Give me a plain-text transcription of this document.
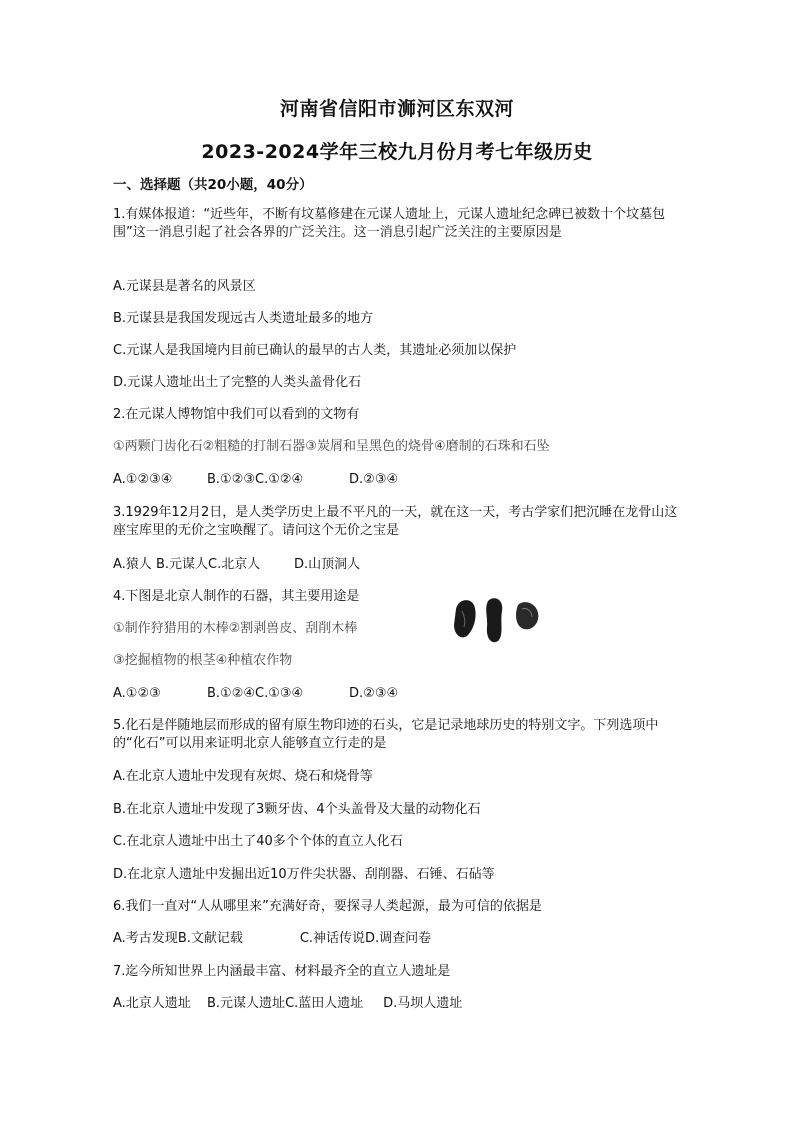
河南省信阳市浉河区东双河
2023-2024学年三校九月份月考七年级历史
一、选择题（共20小题，40分）
1.有媒体报道：“近些年，不断有坟墓修建在元谋人遗址上，元谋人遗址纪念碑已被数十个坟墓包围”这一消息引起了社会各界的广泛关注。这一消息引起广泛关注的主要原因是
A.元谋县是著名的风景区
B.元谋县是我国发现远古人类遗址最多的地方
C.元谋人是我国境内目前已确认的最早的古人类，其遗址必须加以保护
D.元谋人遗址出土了完整的人类头盖骨化石
2.在元谋人博物馆中我们可以看到的文物有
①两颗门齿化石②粗糙的打制石器③炭屑和呈黑色的烧骨④磨制的石珠和石坠
A.①②③④	B.①②③C.①②④	D.②③④
3.1929年12月2日，是人类学历史上最不平凡的一天，就在这一天，考古学家们把沉睡在龙骨山这座宝库里的无价之宝唤醒了。请问这个无价之宝是
A.猿人 B.元谋人C.北京人	D.山顶洞人
4.下图是北京人制作的石器，其主要用途是
①制作狩猎用的木棒②割剥兽皮、刮削木棒
③挖掘植物的根茎④种植农作物
A.①②③	B.①②④C.①③④	D.②③④
5.化石是伴随地层而形成的留有原生物印迹的石头，它是记录地球历史的特别文字。下列选项中的“化石”可以用来证明北京人能够直立行走的是
A.在北京人遗址中发现有灰烬、烧石和烧骨等
B.在北京人遗址中发现了3颗牙齿、4个头盖骨及大量的动物化石
C.在北京人遗址中出土了40多个个体的直立人化石
D.在北京人遗址中发掘出近10万件尖状器、刮削器、石锤、石砧等
6.我们一直对“人从哪里来”充满好奇，要探寻人类起源，最为可信的依据是
A.考古发现B.文献记载	C.神话传说D.调查问卷
7.迄今所知世界上内涵最丰富、材料最齐全的直立人遗址是
A.北京人遗址 B.元谋人遗址C.蓝田人遗址 D.马坝人遗址
